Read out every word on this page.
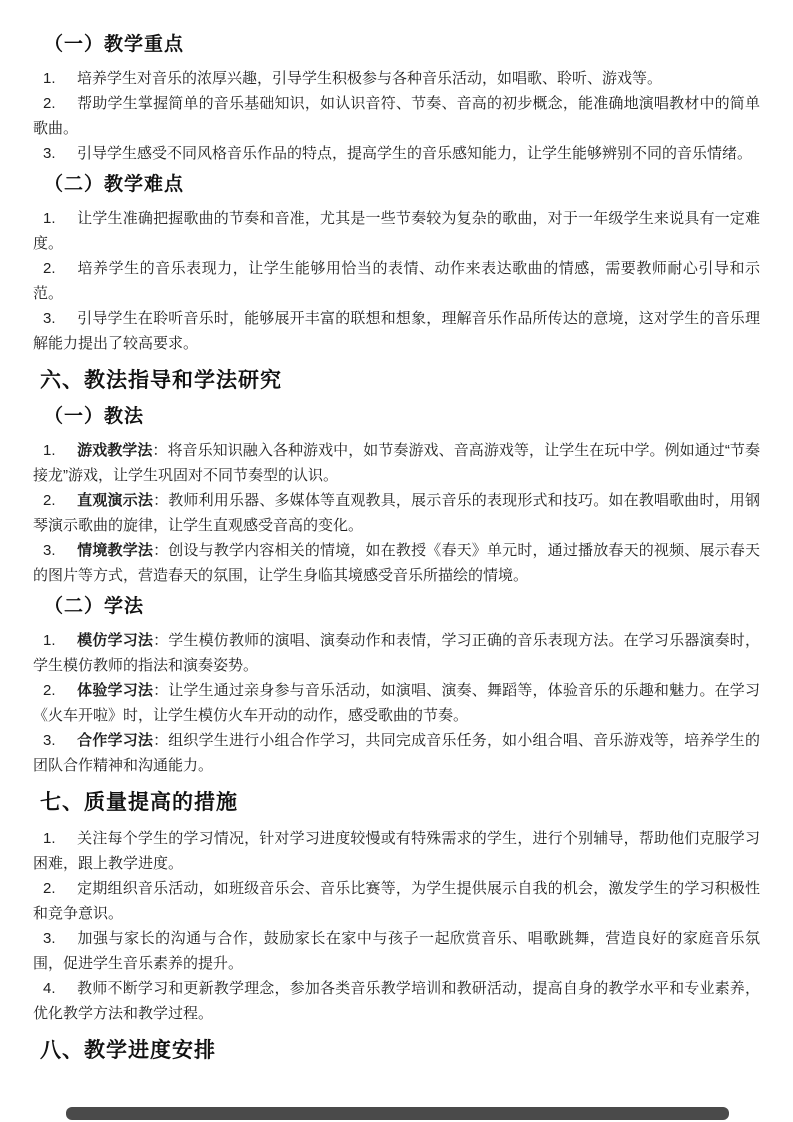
（一）教学重点

1. 培养学生对音乐的浓厚兴趣，引导学生积极参与各种音乐活动，如唱歌、聆听、游戏等。

2. 帮助学生掌握简单的音乐基础知识，如认识音符、节奏、音高的初步概念，能准确地演唱教材中的简单歌曲。

3. 引导学生感受不同风格音乐作品的特点，提高学生的音乐感知能力，让学生能够辨别不同的音乐情绪。

（二）教学难点

1. 让学生准确把握歌曲的节奏和音准，尤其是一些节奏较为复杂的歌曲，对于一年级学生来说具有一定难度。

2. 培养学生的音乐表现力，让学生能够用恰当的表情、动作来表达歌曲的情感，需要教师耐心引导和示范。

3. 引导学生在聆听音乐时，能够展开丰富的联想和想象，理解音乐作品所传达的意境，这对学生的音乐理解能力提出了较高要求。

六、教法指导和学法研究
（一）教法

1. 游戏教学法：将音乐知识融入各种游戏中，如节奏游戏、音高游戏等，让学生在玩中学。例如通过“节奏接龙”游戏，让学生巩固对不同节奏型的认识。

2. 直观演示法：教师利用乐器、多媒体等直观教具，展示音乐的表现形式和技巧。如在教唱歌曲时，用钢琴演示歌曲的旋律，让学生直观感受音高的变化。

3. 情境教学法：创设与教学内容相关的情境，如在教授《春天》单元时，通过播放春天的视频、展示春天的图片等方式，营造春天的氛围，让学生身临其境感受音乐所描绘的情境。

（二）学法

1. 模仿学习法：学生模仿教师的演唱、演奏动作和表情，学习正确的音乐表现方法。在学习乐器演奏时，学生模仿教师的指法和演奏姿势。

2. 体验学习法：让学生通过亲身参与音乐活动，如演唱、演奏、舞蹈等，体验音乐的乐趣和魅力。在学习《火车开啦》时，让学生模仿火车开动的动作，感受歌曲的节奏。

3. 合作学习法：组织学生进行小组合作学习，共同完成音乐任务，如小组合唱、音乐游戏等，培养学生的团队合作精神和沟通能力。

七、质量提高的措施

1. 关注每个学生的学习情况，针对学习进度较慢或有特殊需求的学生，进行个别辅导，帮助他们克服学习困难，跟上教学进度。

2. 定期组织音乐活动，如班级音乐会、音乐比赛等，为学生提供展示自我的机会，激发学生的学习积极性和竞争意识。

3. 加强与家长的沟通与合作，鼓励家长在家中与孩子一起欣赏音乐、唱歌跳舞，营造良好的家庭音乐氛围，促进学生音乐素养的提升。

4. 教师不断学习和更新教学理念，参加各类音乐教学培训和教研活动，提高自身的教学水平和专业素养，优化教学方法和教学过程。

八、教学进度安排
